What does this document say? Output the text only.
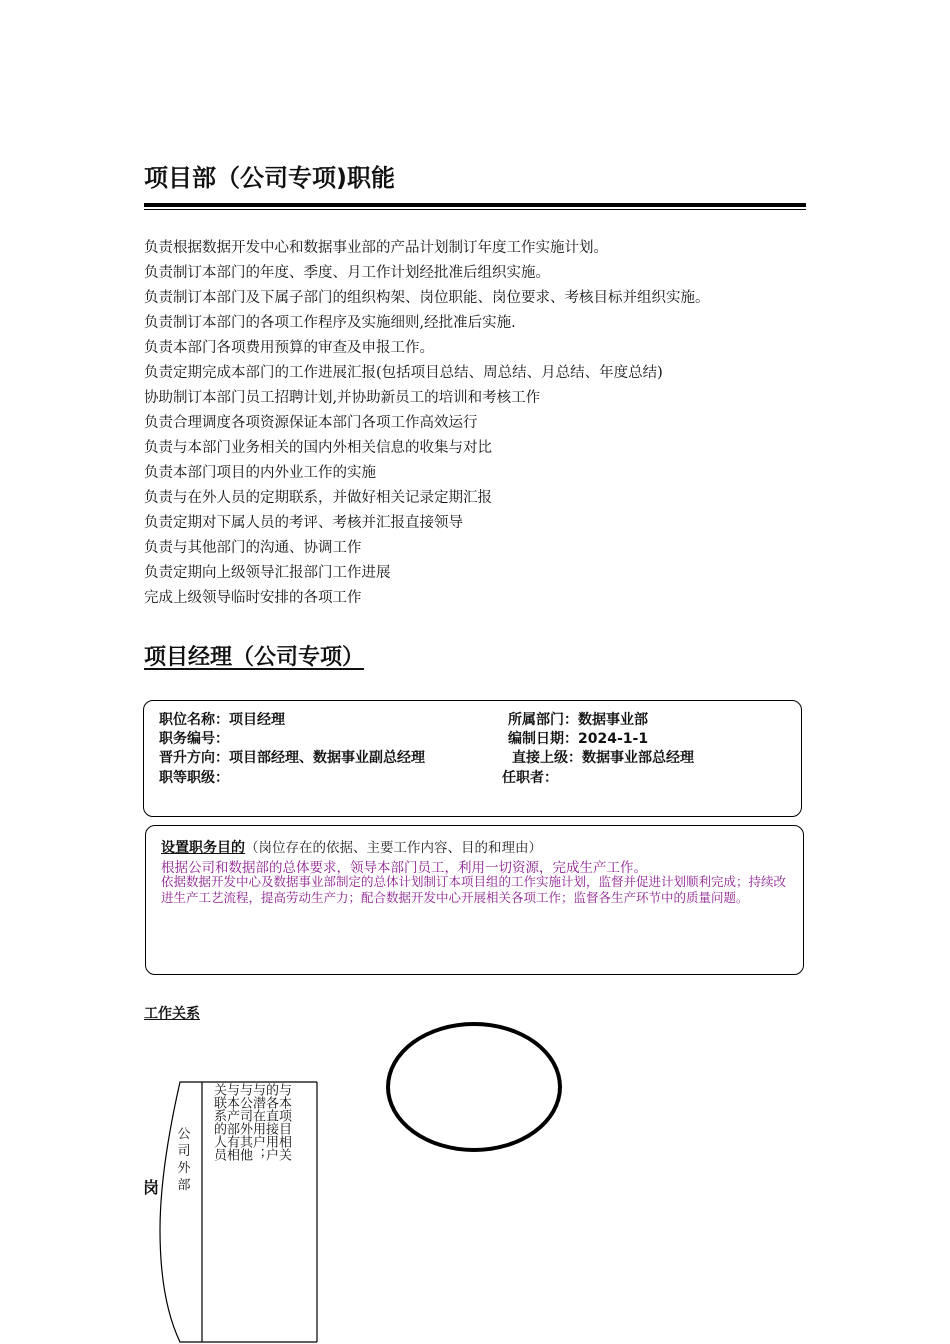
项目部（公司专项)职能
负责根据数据开发中心和数据事业部的产品计划制订年度工作实施计划。
负责制订本部门的年度、季度、月工作计划经批准后组织实施。
负责制订本部门及下属子部门的组织构架、岗位职能、岗位要求、考核目标并组织实施。
负责制订本部门的各项工作程序及实施细则,经批准后实施.
负责本部门各项费用预算的审查及申报工作。
负责定期完成本部门的工作进展汇报(包括项目总结、周总结、月总结、年度总结)
协助制订本部门员工招聘计划,并协助新员工的培训和考核工作
负责合理调度各项资源保证本部门各项工作高效运行
负责与本部门业务相关的国内外相关信息的收集与对比
负责本部门项目的内外业工作的实施
负责与在外人员的定期联系，并做好相关记录定期汇报
负责定期对下属人员的考评、考核并汇报直接领导
负责与其他部门的沟通、协调工作
负责定期向上级领导汇报部门工作进展
完成上级领导临时安排的各项工作
项目经理（公司专项）
职位名称：项目经理	所属部门：数据事业部
职务编号：	编制日期：2024-1-1
晋升方向：项目部经理、数据事业副总经理	直接上级：数据事业部总经理
职等职级：	任职者：
设置职务目的（岗位存在的依据、主要工作内容、目的和理由）
根据公司和数据部的总体要求，领导本部门员工，利用一切资源，完成生产工作。
依据数据开发中心及数据事业部制定的总体计划制订本项目组的工作实施计划，监督并促进计划顺利完成；持续改进生产工艺流程，提高劳动生产力；配合数据开发中心开展相关各项工作；监督各生产环节中的质量问题。
工作关系
岗
公司外部
与本项目相关的各直接用户与潜在用户；与公司外其他与本产部有相关联系的人员
